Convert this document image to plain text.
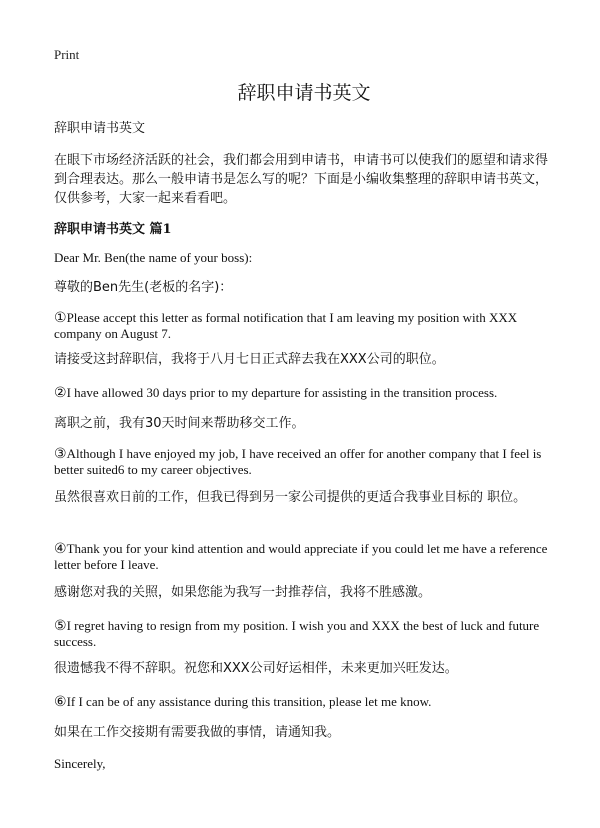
Print
辞职申请书英文
辞职申请书英文
在眼下市场经济活跃的社会，我们都会用到申请书，申请书可以使我们的愿望和请求得到合理表达。那么一般申请书是怎么写的呢？下面是小编收集整理的辞职申请书英文，仅供参考，大家一起来看看吧。
辞职申请书英文 篇1
Dear Mr. Ben(the name of your boss):
尊敬的Ben先生(老板的名字)：
①Please accept this letter as formal notification that I am leaving my position with XXX company on August 7.
请接受这封辞职信，我将于八月七日正式辞去我在XXX公司的职位。
②I have allowed 30 days prior to my departure for assisting in the transition process.
离职之前，我有30天时间来帮助移交工作。
③Although I have enjoyed my job, I have received an offer for another company that I feel is better suited6 to my career objectives.
虽然很喜欢日前的工作，但我已得到另一家公司提供的更适合我事业目标的 职位。
④Thank you for your kind attention and would appreciate if you could let me have a reference letter before I leave.
感谢您对我的关照，如果您能为我写一封推荐信，我将不胜感激。
⑤I regret having to resign from my position. I wish you and XXX the best of luck and future success.
很遗憾我不得不辞职。祝您和XXX公司好运相伴，未来更加兴旺发达。
⑥If I can be of any assistance during this transition, please let me know.
如果在工作交接期有需要我做的事情，请通知我。
Sincerely,
